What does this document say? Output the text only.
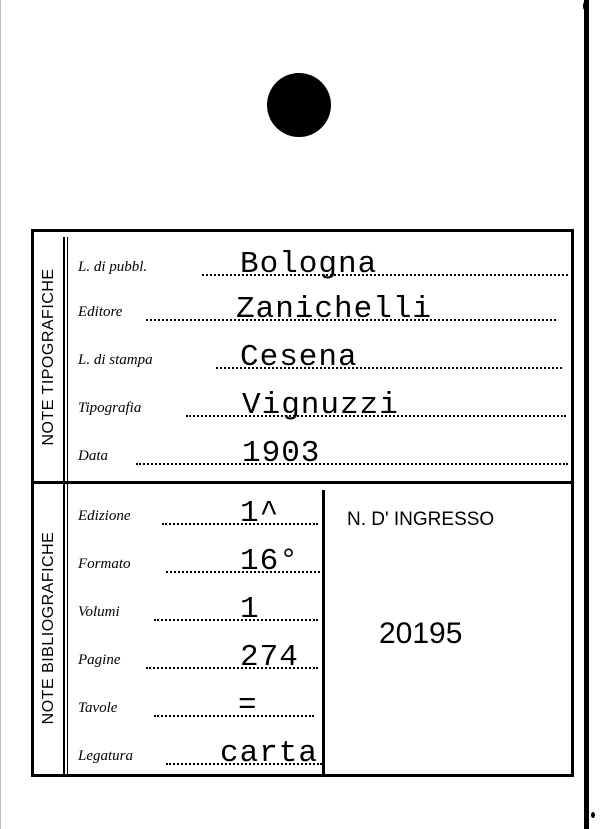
NOTE TIPOGRAFICHE
NOTE BIBLIOGRAFICHE
L. di pubbl.	Bologna
Editore	Zanichelli
L. di stampa	Cesena
Tipografia	Vignuzzi
Data	1903
Edizione	1^
Formato	16°
Volumi	1
Pagine	274
Tavole	=
Legatura	carta
N. D' INGRESSO
20195
